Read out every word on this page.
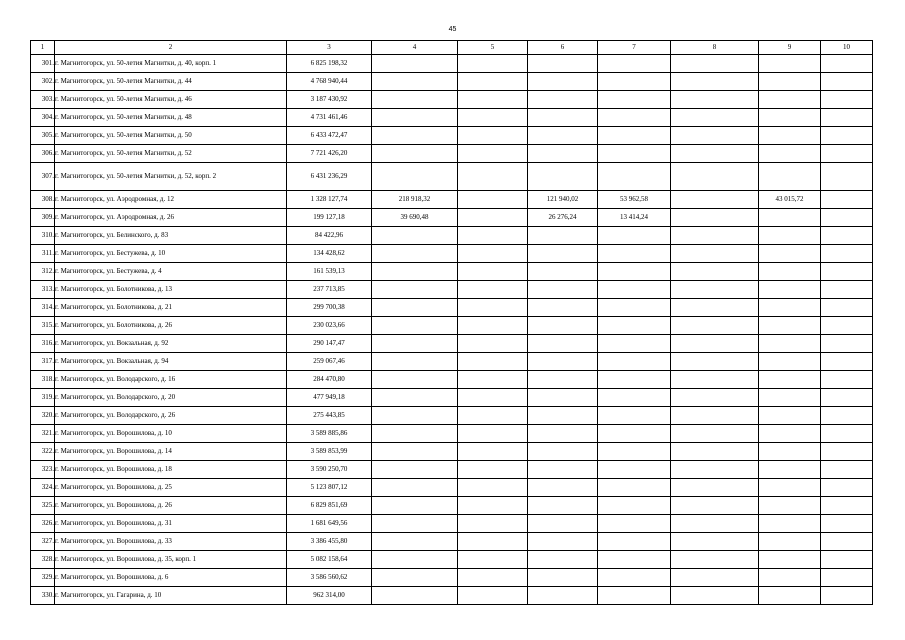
45
1	2	3	4	5	6	7	8	9	10
301.	г. Магнитогорск, ул. 50-летия Магнитки, д. 40, корп. 1	6 825 198,32							
302.	г. Магнитогорск, ул. 50-летия Магнитки, д. 44	4 768 940,44							
303.	г. Магнитогорск, ул. 50-летия Магнитки, д. 46	3 187 430,92							
304.	г. Магнитогорск, ул. 50-летия Магнитки, д. 48	4 731 461,46							
305.	г. Магнитогорск, ул. 50-летия Магнитки, д. 50	6 433 472,47							
306.	г. Магнитогорск, ул. 50-летия Магнитки, д. 52	7 721 426,20							
307.	г. Магнитогорск, ул. 50-летия Магнитки, д. 52, корп. 2	6 431 236,29							
308.	г. Магнитогорск, ул. Аэродромная, д. 12	1 328 127,74	218 918,32		121 940,02	53 962,58		43 015,72	
309.	г. Магнитогорск, ул. Аэродромная, д. 26	199 127,18	39 690,48		26 276,24	13 414,24			
310.	г. Магнитогорск, ул. Белинского, д. 83	84 422,96							
311.	г. Магнитогорск, ул. Бестужева, д. 10	134 428,62							
312.	г. Магнитогорск, ул. Бестужева, д. 4	161 539,13							
313.	г. Магнитогорск, ул. Болотникова, д. 13	237 713,85							
314.	г. Магнитогорск, ул. Болотникова, д. 21	299 700,38							
315.	г. Магнитогорск, ул. Болотникова, д. 26	230 023,66							
316.	г. Магнитогорск, ул. Вокзальная, д. 92	290 147,47							
317.	г. Магнитогорск, ул. Вокзальная, д. 94	259 067,46							
318.	г. Магнитогорск, ул. Володарского, д. 16	284 470,80							
319.	г. Магнитогорск, ул. Володарского, д. 20	477 949,18							
320.	г. Магнитогорск, ул. Володарского, д. 26	275 443,85							
321.	г. Магнитогорск, ул. Ворошилова, д. 10	3 589 885,86							
322.	г. Магнитогорск, ул. Ворошилова, д. 14	3 589 853,99							
323.	г. Магнитогорск, ул. Ворошилова, д. 18	3 590 250,70							
324.	г. Магнитогорск, ул. Ворошилова, д. 25	5 123 807,12							
325.	г. Магнитогорск, ул. Ворошилова, д. 26	6 829 851,69							
326.	г. Магнитогорск, ул. Ворошилова, д. 31	1 681 649,56							
327.	г. Магнитогорск, ул. Ворошилова, д. 33	3 386 455,80							
328.	г. Магнитогорск, ул. Ворошилова, д. 35, корп. 1	5 082 158,64							
329.	г. Магнитогорск, ул. Ворошилова, д. 6	3 586 560,62							
330.	г. Магнитогорск, ул. Гагарина, д. 10	962 314,00							
